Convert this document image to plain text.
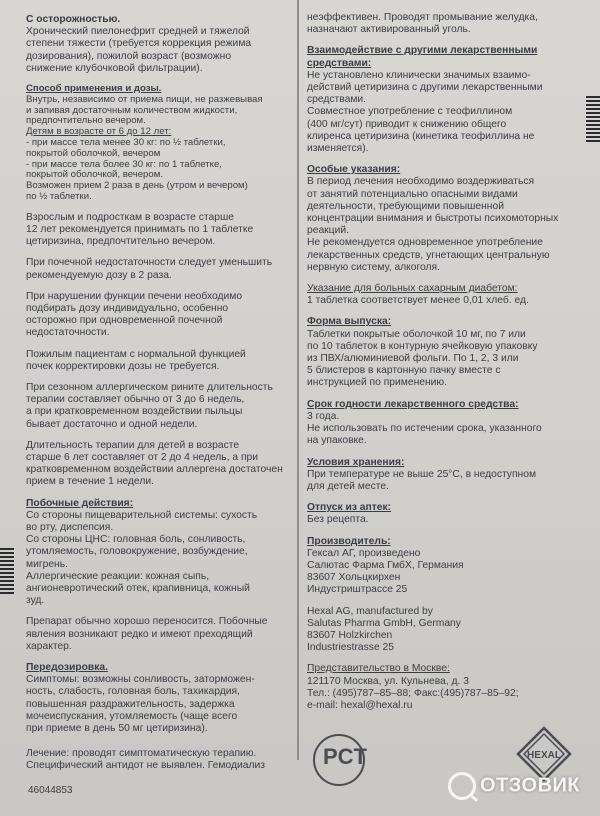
С осторожностью.

Хронический пиелонефрит средней и тяжелой
степени тяжести (требуется коррекция режима
дозирования), пожилой возраст (возможно
снижение клубочковой фильтрации).

Способ применения и дозы.

Внутрь, независимо от приема пищи, не разжевывая
и запивая достаточным количеством жидкости,
предпочтительно вечером.
Детям в возрасте от 6 до 12 лет:
- при массе тела менее 30 кг: по ½ таблетки,
покрытой оболочкой, вечером
- при массе тела более 30 кг: по 1 таблетке,
покрытой оболочкой, вечером.
Возможен прием 2 раза в день (утром и вечером)
по ½ таблетки.
Взрослым и подросткам в возрасте старше
12 лет рекомендуется принимать по 1 таблетке
цетиризина, предпочтительно вечером.
При почечной недостаточности следует уменьшить
рекомендуемую дозу в 2 раза.
При нарушении функции печени необходимо
подбирать дозу индивидуально, особенно
осторожно при одновременной почечной
недостаточности.
Пожилым пациентам с нормальной функцией
почек корректировки дозы не требуется.
При сезонном аллергическом рините длительность
терапии составляет обычно от 3 до 6 недель,
а при кратковременном воздействии пыльцы
бывает достаточно и одной недели.
Длительность терапии для детей в возрасте
старше 6 лет составляет от 2 до 4 недель, а при
кратковременном воздействии аллергена достаточен
прием в течение 1 недели.

Побочные действия:

Со стороны пищеварительной системы: сухость
во рту, диспепсия.
Со стороны ЦНС: головная боль, сонливость,
утомляемость, головокружение, возбуждение,
мигрень.
Аллергические реакции: кожная сыпь,
ангионевротический отек, крапивница, кожный
зуд.
Препарат обычно хорошо переносится. Побочные
явления возникают редко и имеют преходящий
характер.

Передозировка.

Симптомы: возможны сонливость, заторможен-
ность, слабость, головная боль, тахикардия,
повышенная раздражительность, задержка
мочеиспускания, утомляемость (чаще всего
при приеме в день 50 мг цетиризина).

Лечение: проводят симптоматическую терапию.
Специфический антидот не выявлен. Гемодиализ
46044853
неэффективен. Проводят промывание желудка,
назначают активированный уголь.
Взаимодействие с другими лекарственными
средствами:
Не установлено клинически значимых взаимо-
действий цетиризина с другими лекарственными
средствами.
Совместное употребление с теофиллином
(400 мг/сут) приводит к снижению общего
клиренса цетиризина (кинетика теофиллина не
изменяется).

Особые указания:

В период лечения необходимо воздерживаться
от занятий потенциально опасными видами
деятельности, требующими повышенной
концентрации внимания и быстроты психомоторных
реакций.
Не рекомендуется одновременное употребление
лекарственных средств, угнетающих центральную
нервную систему, алкоголя.

Указание для больных сахарным диабетом:

1 таблетка соответствует менее 0,01 хлеб. ед.

Форма выпуска:

Таблетки покрытые оболочкой 10 мг, по 7 или
по 10 таблеток в контурную ячейковую упаковку
из ПВХ/алюминиевой фольги. По 1, 2, 3 или
5 блистеров в картонную пачку вместе с
инструкцией по применению.

Срок годности лекарственного средства:

3 года.
Не использовать по истечении срока, указанного
на упаковке.

Условия хранения:

При температуре не выше 25°С, в недоступном
для детей месте.

Отпуск из аптек:

Без рецепта.

Производитель:

Гексал АГ, произведено
Салютас Фарма ГмбХ, Германия
83607 Хольцкирхен
Индустриштрассе 25
Hexal AG, manufactured by
Salutas Pharma GmbH, Germany
83607 Holzkirchen
Industriestrasse 25

Представительство в Москве:

121170 Москва, ул. Кульнева, д. 3
Тел.: (495)787–85–88; Факс:(495)787–85–92;
e-mail: hexal@hexal.ru
PCT	HEXAL
ОТЗОВИК
